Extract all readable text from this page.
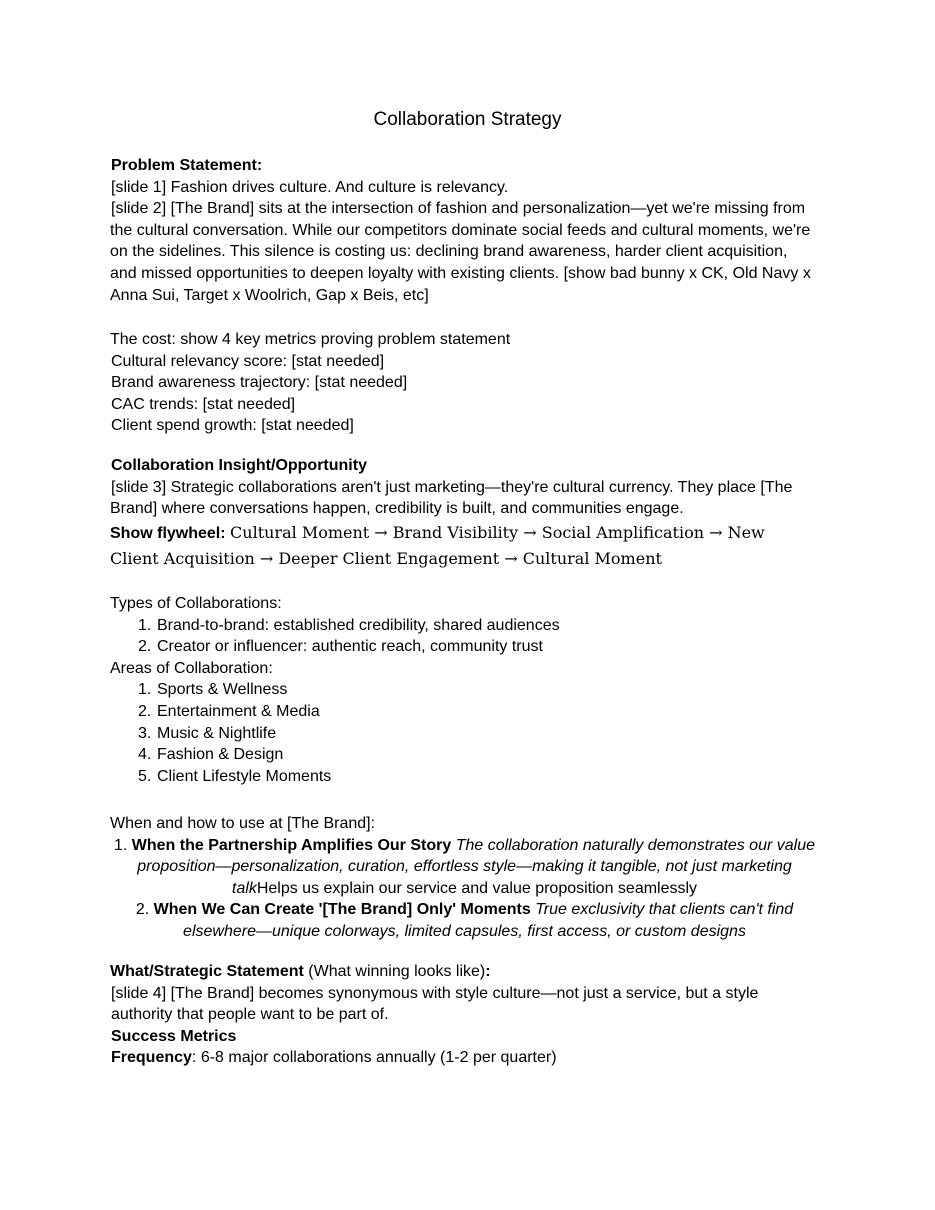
Collaboration Strategy
Problem Statement:
[slide 1] Fashion drives culture. And culture is relevancy.
[slide 2] [The Brand] sits at the intersection of fashion and personalization—yet we're missing from the cultural conversation. While our competitors dominate social feeds and cultural moments, we're on the sidelines. This silence is costing us: declining brand awareness, harder client acquisition, and missed opportunities to deepen loyalty with existing clients. [show bad bunny x CK, Old Navy x Anna Sui, Target x Woolrich, Gap x Beis, etc]
The cost: show 4 key metrics proving problem statement
Cultural relevancy score: [stat needed]
Brand awareness trajectory: [stat needed]
CAC trends: [stat needed]
Client spend growth: [stat needed]
Collaboration Insight/Opportunity
[slide 3] Strategic collaborations aren't just marketing—they're cultural currency. They place [The Brand] where conversations happen, credibility is built, and communities engage.
Show flywheel: Cultural Moment → Brand Visibility → Social Amplification → New Client Acquisition → Deeper Client Engagement → Cultural Moment
Types of Collaborations:
1. Brand-to-brand: established credibility, shared audiences
2. Creator or influencer: authentic reach, community trust
Areas of Collaboration:
1. Sports & Wellness
2. Entertainment & Media
3. Music & Nightlife
4. Fashion & Design
5. Client Lifestyle Moments
When and how to use at [The Brand]:
1. When the Partnership Amplifies Our Story The collaboration naturally demonstrates our value proposition—personalization, curation, effortless style—making it tangible, not just marketing talkHelps us explain our service and value proposition seamlessly
2. When We Can Create '[The Brand] Only' Moments True exclusivity that clients can't find elsewhere—unique colorways, limited capsules, first access, or custom designs
What/Strategic Statement (What winning looks like):
[slide 4] [The Brand] becomes synonymous with style culture—not just a service, but a style authority that people want to be part of.
Success Metrics
Frequency: 6-8 major collaborations annually (1-2 per quarter)
